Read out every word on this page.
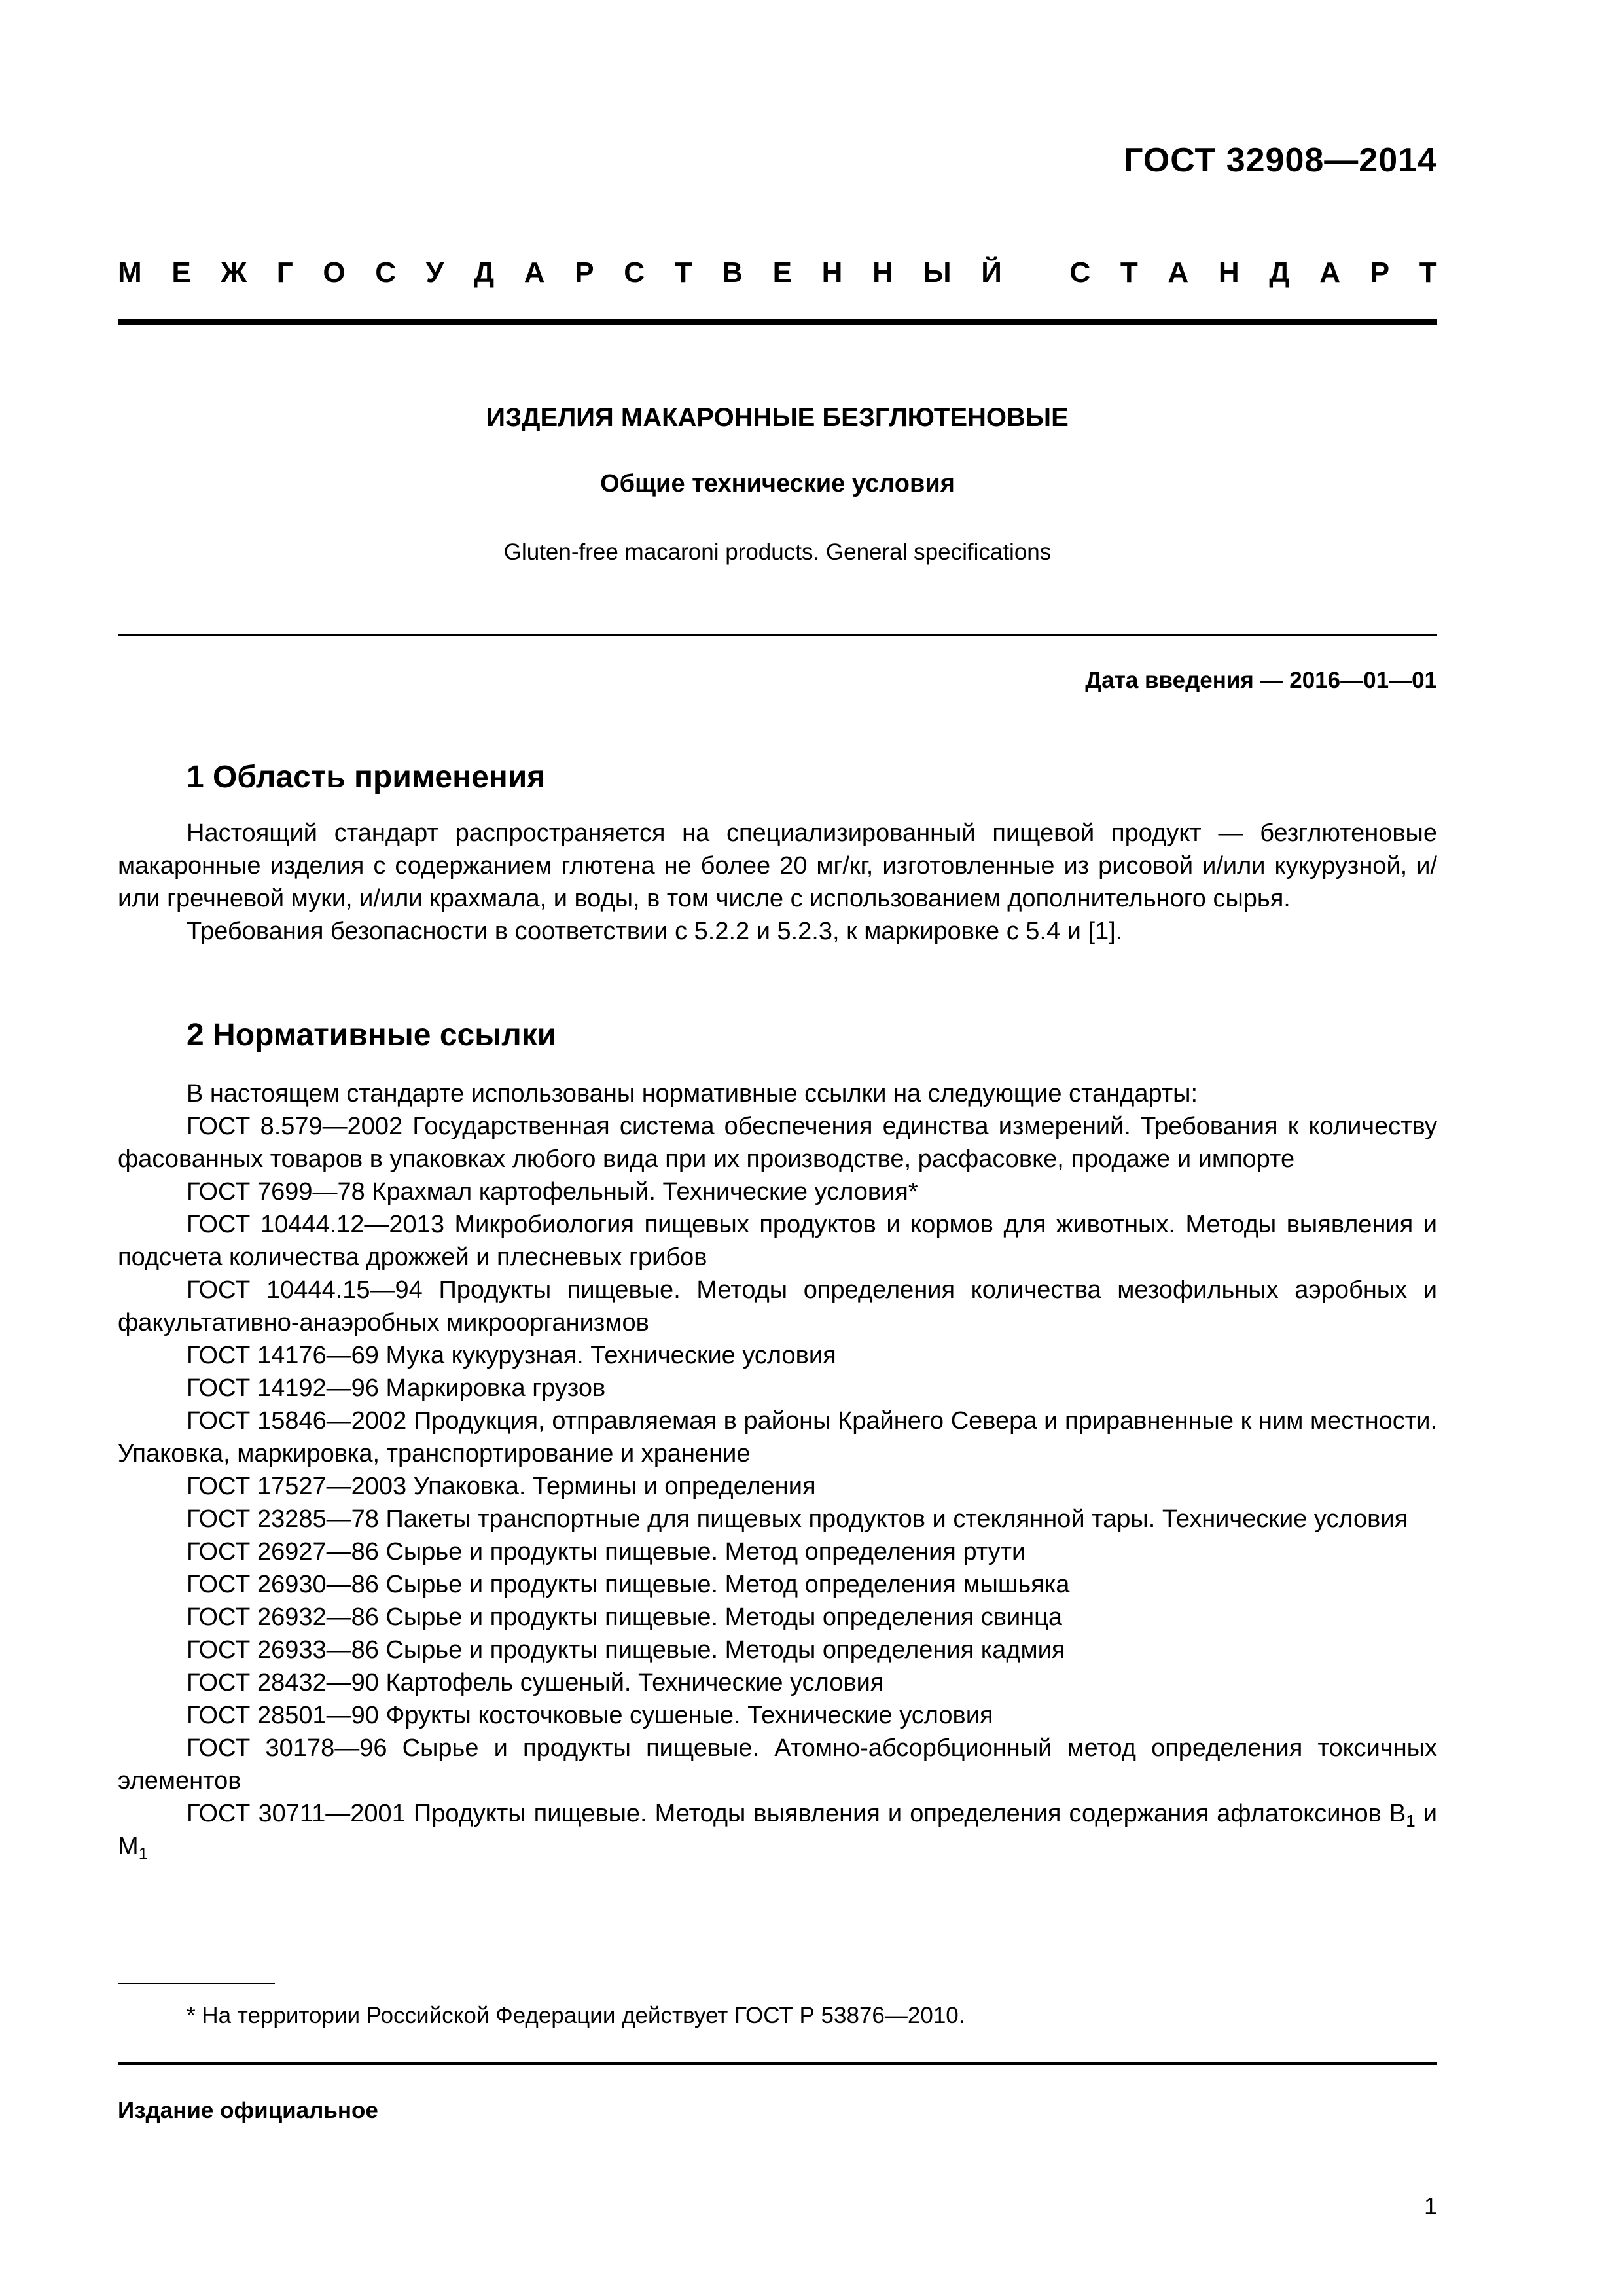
ГОСТ 32908—2014
М Е Ж Г О С У Д А Р С Т В Е Н Н Ы Й
С Т А Н Д А Р Т
ИЗДЕЛИЯ МАКАРОННЫЕ БЕЗГЛЮТЕНОВЫЕ
Общие технические условия
Gluten-free macaroni products. General specifications
Дата введения — 2016—01—01
1 Область применения

Настоящий стандарт распространяется на специализированный пищевой продукт — безглютеновые макаронные изделия с содержанием глютена не более 20 мг/кг, изготовленные из рисовой и/или кукурузной, и/или гречневой муки, и/или крахмала, и воды, в том числе с использованием дополнительного сырья.

Требования безопасности в соответствии с 5.2.2 и 5.2.3, к маркировке с 5.4 и [1].

2 Нормативные ссылки

В настоящем стандарте использованы нормативные ссылки на следующие стандарты:

ГОСТ 8.579—2002 Государственная система обеспечения единства измерений. Требования к количеству фасованных товаров в упаковках любого вида при их производстве, расфасовке, продаже и импорте

ГОСТ 7699—78 Крахмал картофельный. Технические условия*

ГОСТ 10444.12—2013 Микробиология пищевых продуктов и кормов для животных. Методы выявления и подсчета количества дрожжей и плесневых грибов

ГОСТ 10444.15—94 Продукты пищевые. Методы определения количества мезофильных аэробных и факультативно-анаэробных микроорганизмов

ГОСТ 14176—69 Мука кукурузная. Технические условия

ГОСТ 14192—96 Маркировка грузов

ГОСТ 15846—2002 Продукция, отправляемая в районы Крайнего Севера и приравненные к ним местности. Упаковка, маркировка, транспортирование и хранение

ГОСТ 17527—2003 Упаковка. Термины и определения

ГОСТ 23285—78 Пакеты транспортные для пищевых продуктов и стеклянной тары. Технические условия

ГОСТ 26927—86 Сырье и продукты пищевые. Метод определения ртути

ГОСТ 26930—86 Сырье и продукты пищевые. Метод определения мышьяка

ГОСТ 26932—86 Сырье и продукты пищевые. Методы определения свинца

ГОСТ 26933—86 Сырье и продукты пищевые. Методы определения кадмия

ГОСТ 28432—90 Картофель сушеный. Технические условия

ГОСТ 28501—90 Фрукты косточковые сушеные. Технические условия

ГОСТ 30178—96 Сырье и продукты пищевые. Атомно-абсорбционный метод определения токсичных элементов

ГОСТ 30711—2001 Продукты пищевые. Методы выявления и определения содержания афлатоксинов $B_1$ и $M_1$

* На территории Российской Федерации действует ГОСТ Р 53876—2010.
Издание официальное
1
